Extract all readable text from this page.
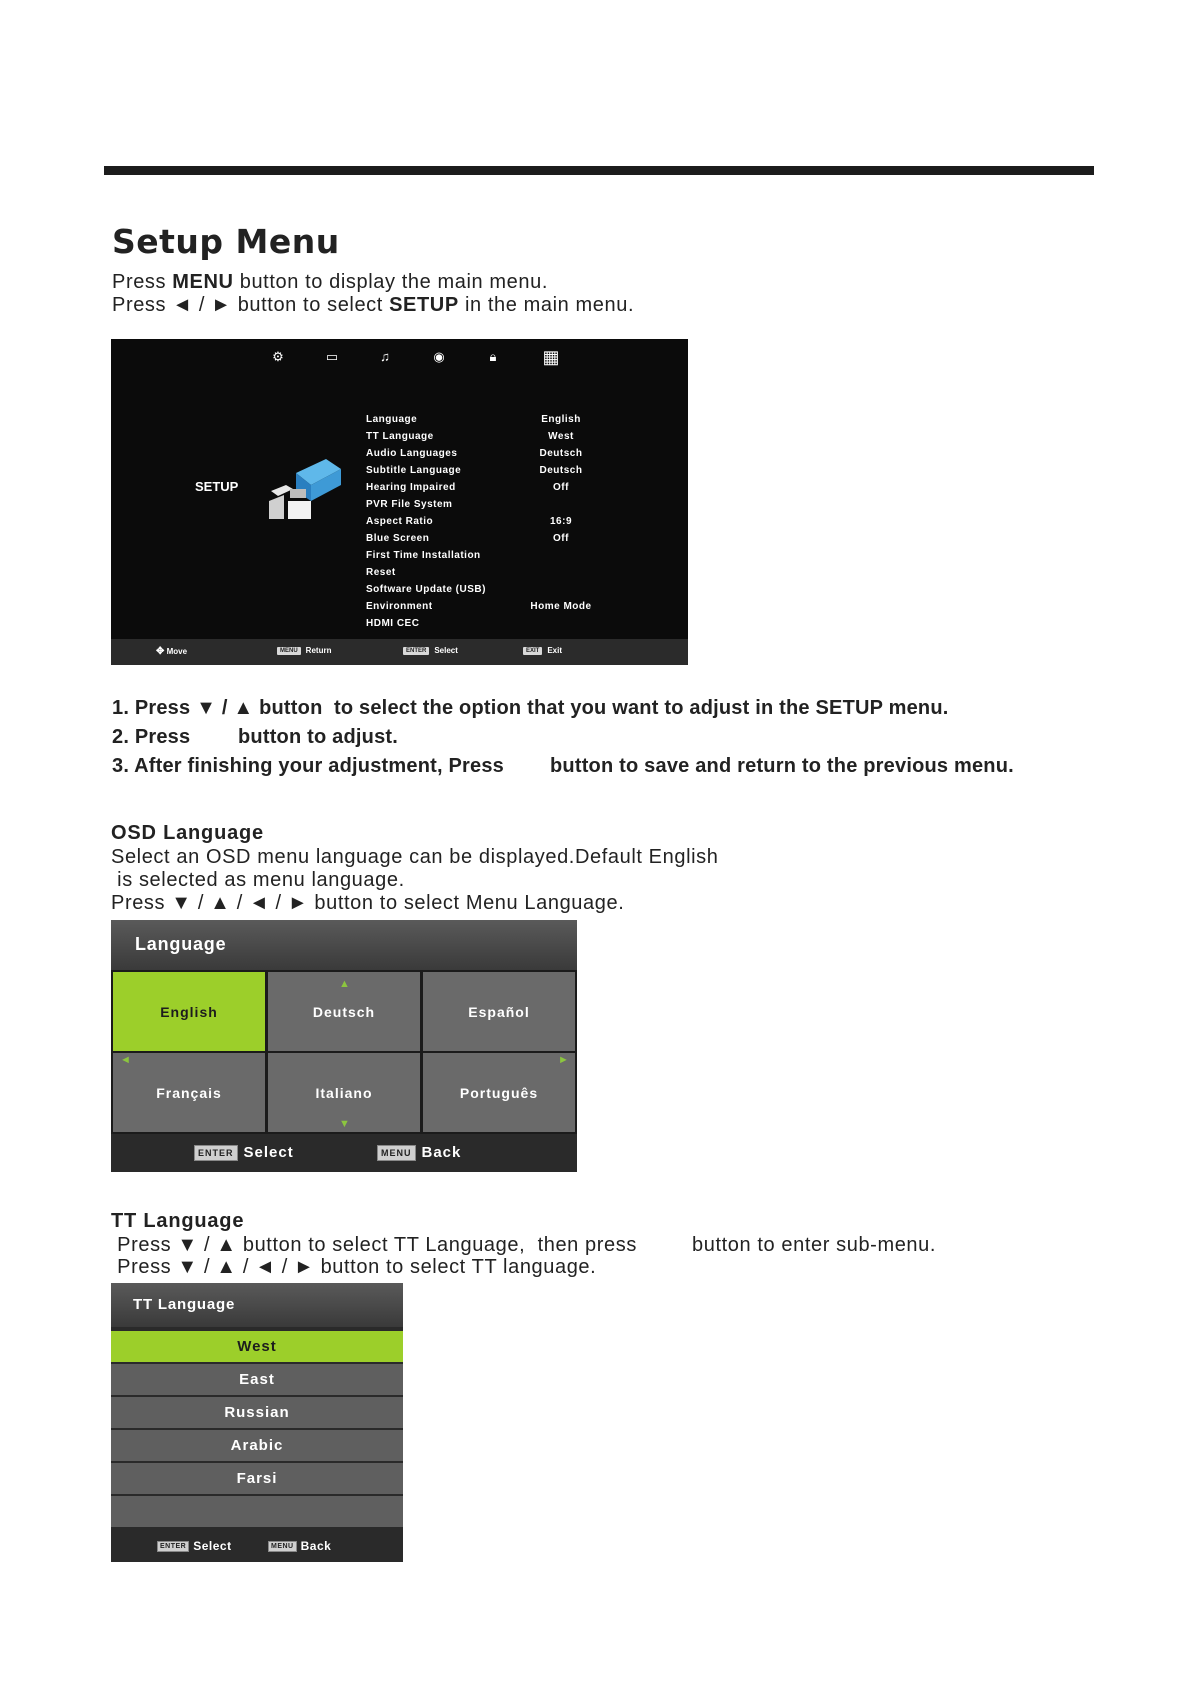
Setup Menu
Press MENU button to display the main menu.
Press ◄ / ► button to select SETUP in the main menu.
⚙	▭	♫	◉	🔒︎	▦
SETUP
Language	English
TT Language	West
Audio Languages	Deutsch
Subtitle Language	Deutsch
Hearing Impaired	Off
PVR File System
Aspect Ratio	16:9
Blue Screen	Off
First Time Installation
Reset
Software Update (USB)
Environment	Home Mode
HDMI CEC
✥ Move	MENU Return	ENTER Select	EXIT Exit
1. Press ▼ / ▲ button  to select the option that you want to adjust in the SETUP menu.
2. Press button to adjust.
3. After finishing your adjustment, Press button to save and return to the previous menu.
OSD Language
Select an OSD menu language can be displayed.Default English
is selected as menu language.
Press ▼ / ▲ / ◄ / ► button to select Menu Language.
Language
English	Deutsch	Español
Français	Italiano	Português
▲
▼
◄	►
ENTER Select	MENU Back
TT Language
Press ▼ / ▲ button to select TT Language,  then press	button to enter sub-menu.
Press ▼ / ▲ / ◄ / ► button to select TT language.
TT Language
West
East
Russian
Arabic
Farsi
ENTER Select	MENU Back
